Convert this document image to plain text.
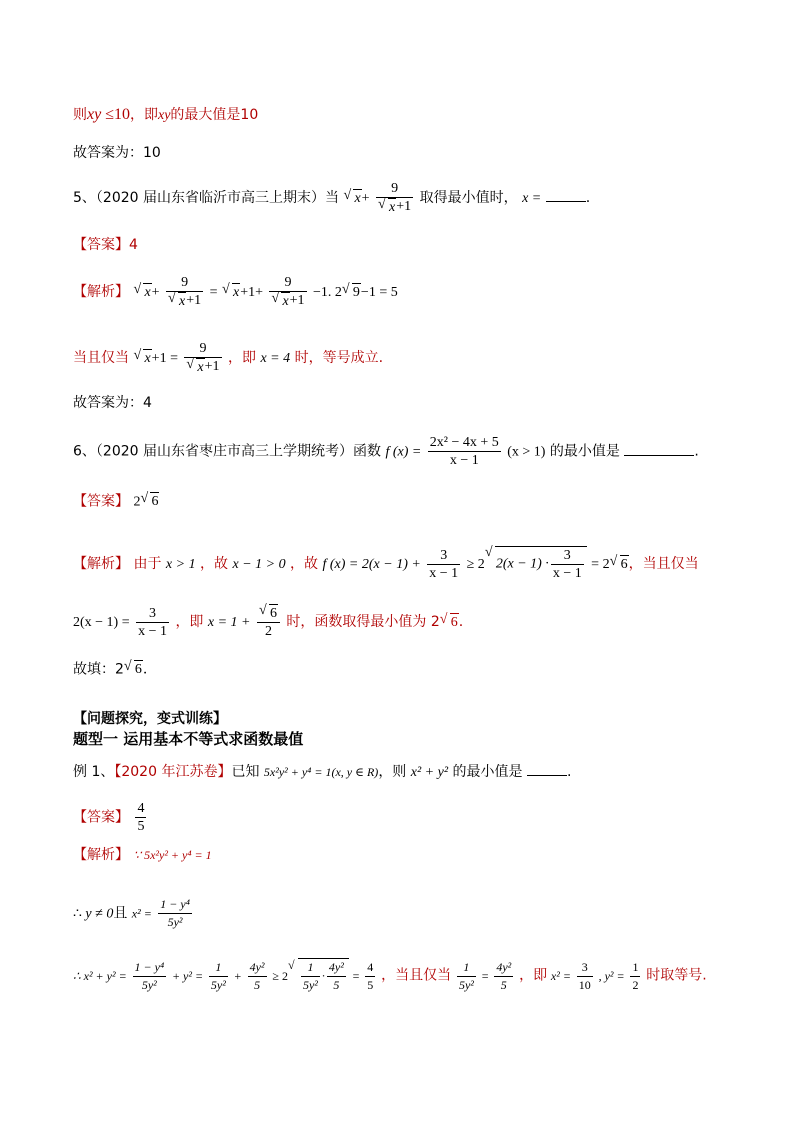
则xy ≤10，即xy的最大值是10
故答案为：10
5、（2020 届山东省临沂市高三上期末）当 √ x+ 9
√ x+1 取得最小值时， x =	.
【答案】4
【解析】 √ x+ 9
√ x+1 = √ x+1+ 9
√ x+1 −1. 2√ 9−1 = 5
当且仅当 √ x+1 = 9
√ x+1 ，即 x = 4 时，等号成立.
故答案为：4
6、（2020 届山东省枣庄市高三上学期统考）函数 f $(x) = \frac{\text{2x² − 4x + 5}}{x - 1} (x > 1)$ 的最小值是	.
【答案】 2√ 6
【解析】 由于 x > 1 ，故 x − 1 > 0 ，故 f $(x) = 2(x - 1) + \frac{3}{x - 1} \ge 2√$ $2(x - 1) \cdot \frac{3}{x - 1} = 2√$ 6，当且仅当
$2(x - 1) = \frac{3}{x - 1}$ ，即 x = 1 +
√ $\frac{6}{2}$ 时，函数取得最小值为 2√ 6.
故填：2√ 6.
【问题探究，变式训练】
题型一 运用基本不等式求函数最值
例 1、【2020 年江苏卷】已知 5x²y² + y⁴ = 1(x, y ∈ R)，则 x² + y² 的最小值是	.
【答案】 $\frac{4}{5}$
【解析】 ∵ 5x²y² + y⁴ = 1
∴ y ≠ 0且 $x^2 = \frac{\text{1 − y⁴}}{\text{5y²}}$
∴ $x^2 + y^2 = \frac{\text{1 − y⁴}}{\text{5y²}} + y^2 = \frac{1}{\text{5y²}} + \frac{\text{4y²}}{5} \ge 2$
√ $\frac{1}{\text{5y²}} \cdot \frac{\text{4y²}}{5} = \frac{4}{5}$ ，当且仅当 $\frac{1}{\text{5y²}} = \frac{\text{4y²}}{5}$ ，即 $x^2 = \frac{3}{10}$ , $y^2 = \frac{1}{2}$ 时取等号.
